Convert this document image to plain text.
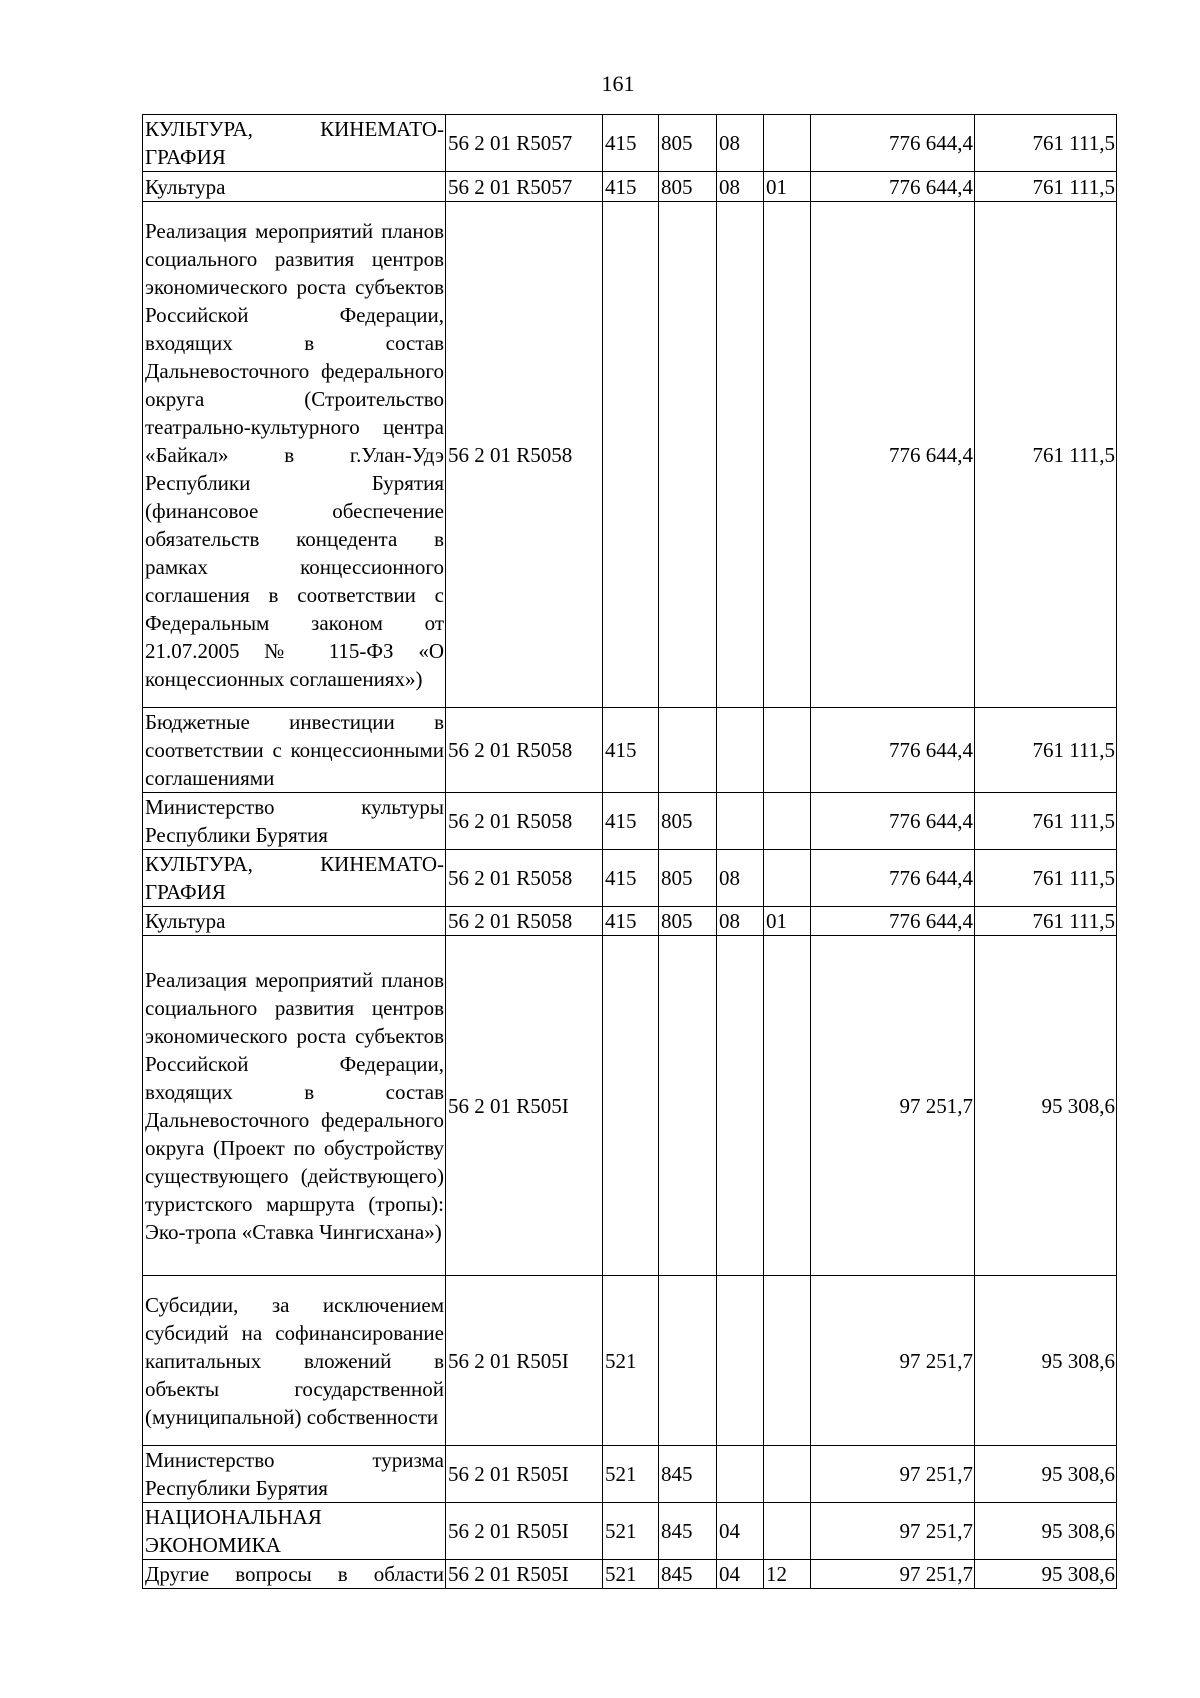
161
КУЛЬТУРА, КИНЕМАТО-ГРАФИЯ	56 2 01 R5057	415	805	08		776 644,4	761 111,5
Культура	56 2 01 R5057	415	805	08	01	776 644,4	761 111,5
Реализация мероприятий планов социального развития центров экономического роста субъектов Российской Федерации, входящих в состав Дальневосточного федерального округа (Строительство театрально-культурного центра «Байкал» в г.Улан-Удэ Республики Бурятия (финансовое обеспечение обязательств концедента в рамках концессионного соглашения в соответствии с Федеральным законом от 21.07.2005 № 115-ФЗ «О концессионных соглашениях»)	56 2 01 R5058					776 644,4	761 111,5
Бюджетные инвестиции в соответствии с концессионными соглашениями	56 2 01 R5058	415				776 644,4	761 111,5
Министерство культуры Республики Бурятия	56 2 01 R5058	415	805			776 644,4	761 111,5
КУЛЬТУРА, КИНЕМАТО-ГРАФИЯ	56 2 01 R5058	415	805	08		776 644,4	761 111,5
Культура	56 2 01 R5058	415	805	08	01	776 644,4	761 111,5
Реализация мероприятий планов социального развития центров экономического роста субъектов Российской Федерации, входящих в состав Дальневосточного федерального округа (Проект по обустройству существующего (действующего) туристского маршрута (тропы): Эко-тропа «Ставка Чингисхана»)	56 2 01 R505I					97 251,7	95 308,6
Субсидии, за исключением субсидий на софинансирование капитальных вложений в объекты государственной (муниципальной) собственности	56 2 01 R505I	521				97 251,7	95 308,6
Министерство туризма Республики Бурятия	56 2 01 R505I	521	845			97 251,7	95 308,6
НАЦИОНАЛЬНАЯ ЭКОНОМИКА	56 2 01 R505I	521	845	04		97 251,7	95 308,6
Другие вопросы в области	56 2 01 R505I	521	845	04	12	97 251,7	95 308,6
